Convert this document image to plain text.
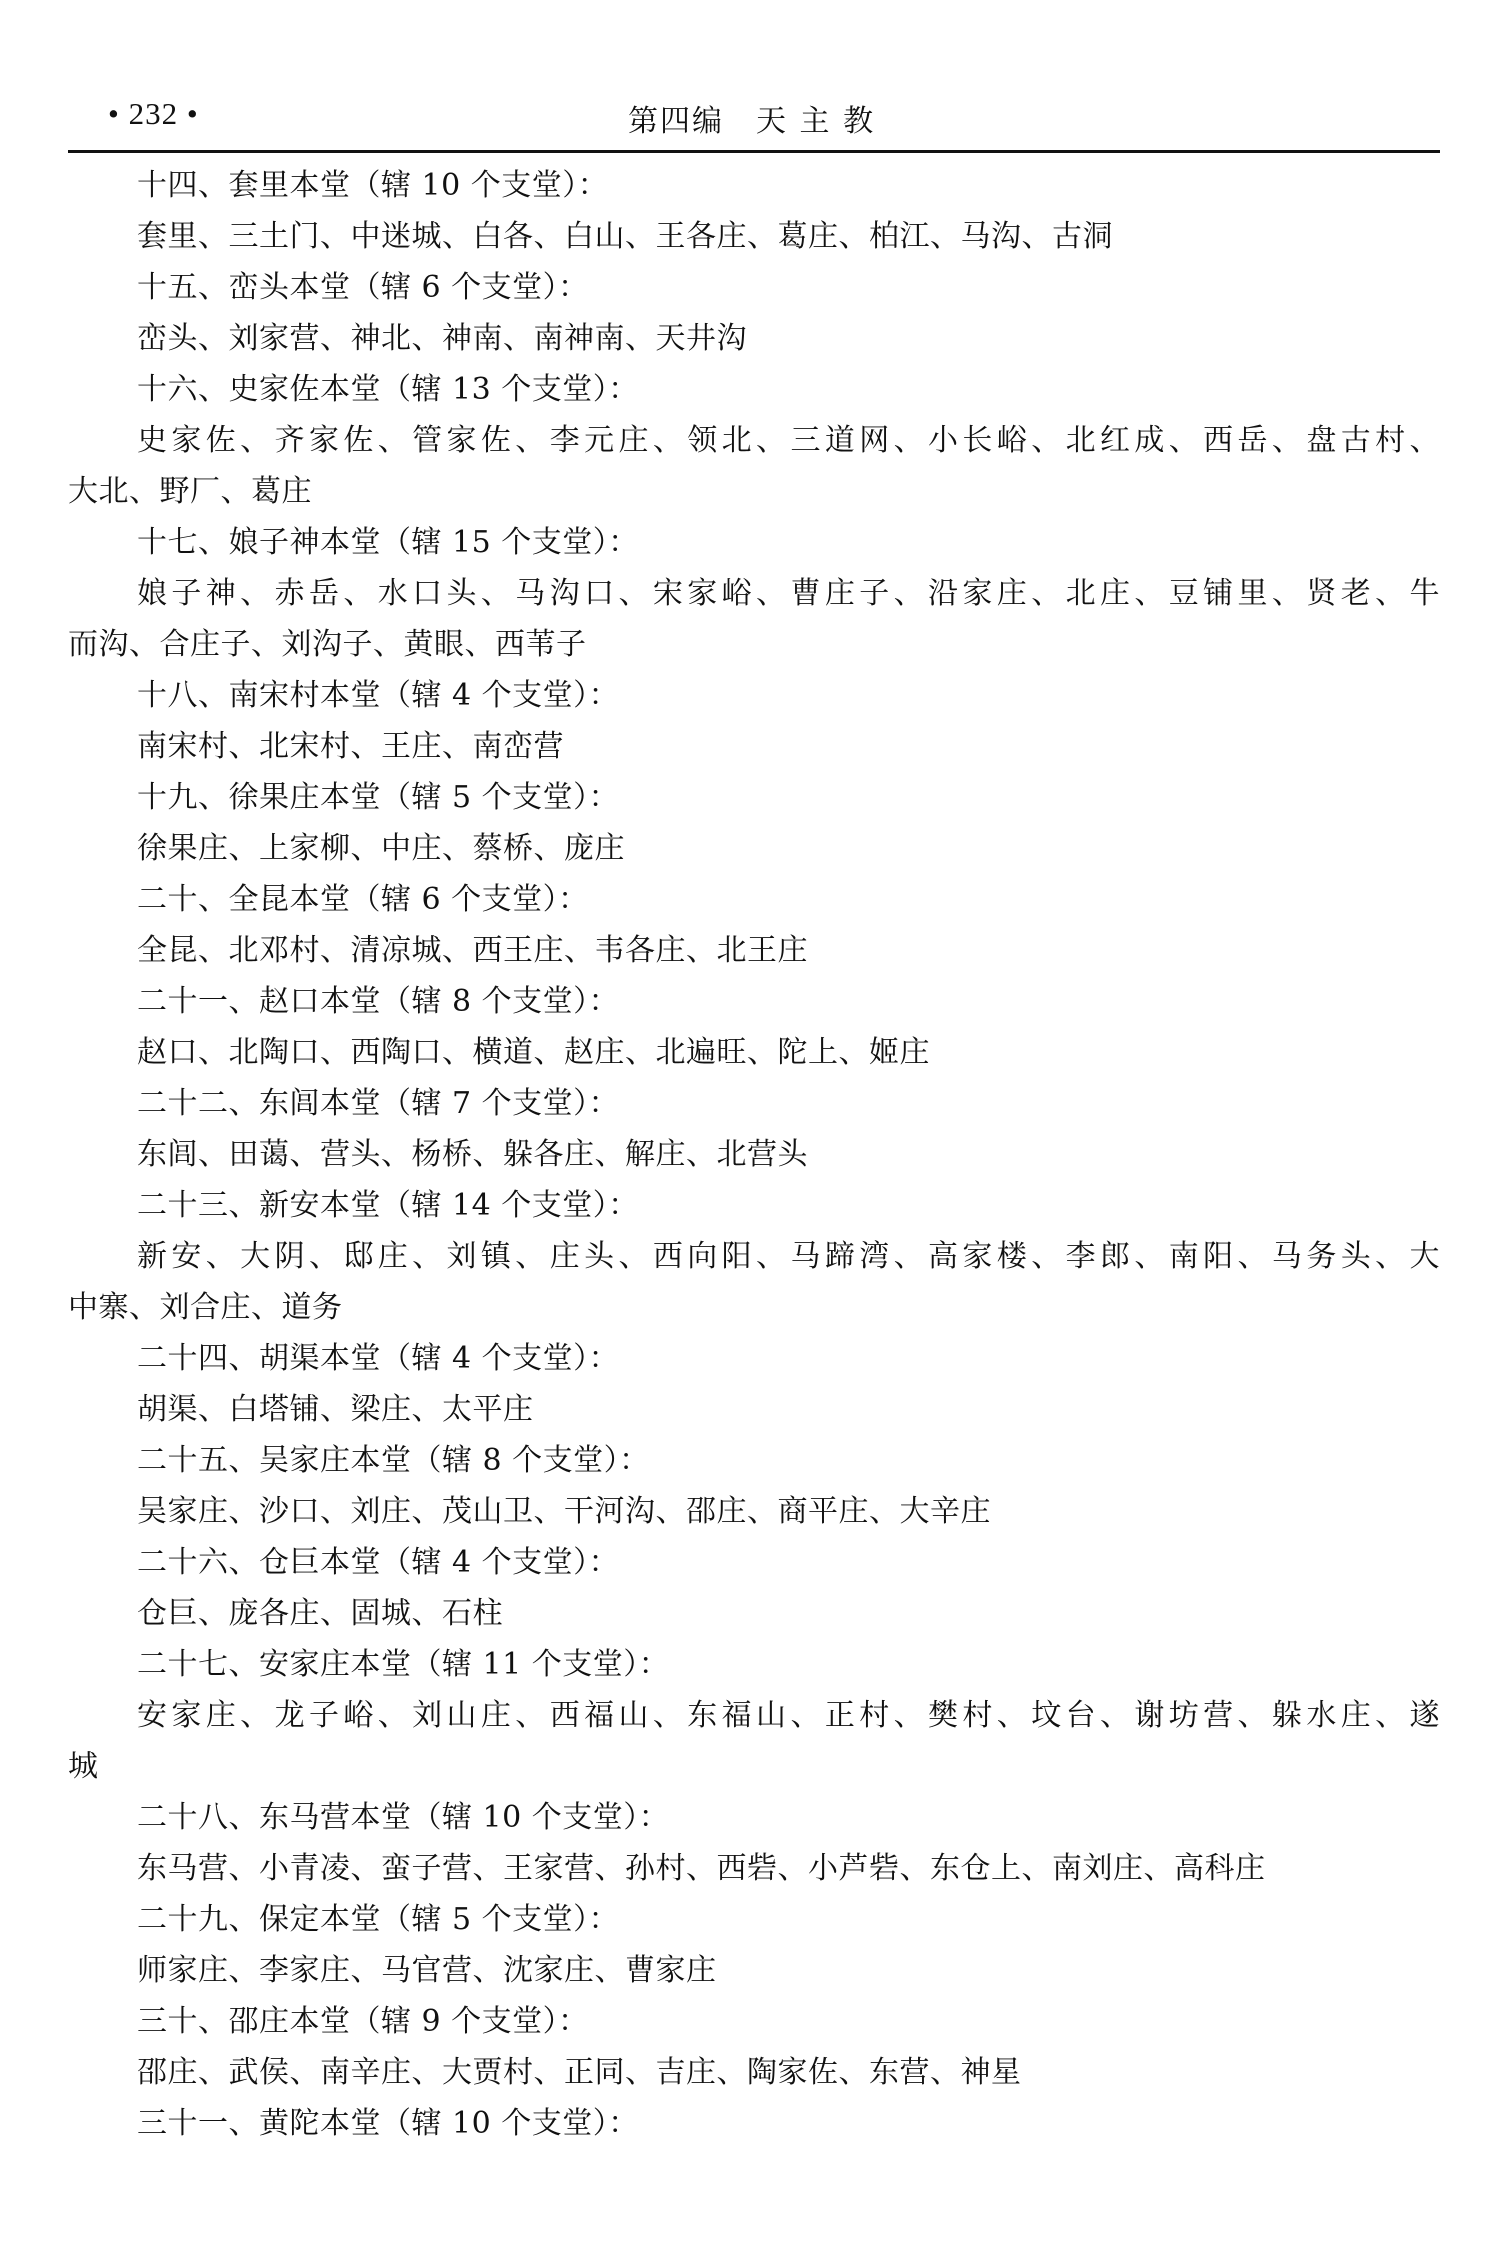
• 232 •	第四编　天 主 教
十四、套里本堂（辖 10 个支堂）：
套里、三土门、中迷城、白各、白山、王各庄、葛庄、柏江、马沟、古洞
十五、峦头本堂（辖 6 个支堂）：
峦头、刘家营、神北、神南、南神南、天井沟
十六、史家佐本堂（辖 13 个支堂）：
史家佐、齐家佐、管家佐、李元庄、领北、三道网、小长峪、北红成、西岳、盘古村、
大北、野厂、葛庄
十七、娘子神本堂（辖 15 个支堂）：
娘子神、赤岳、水口头、马沟口、宋家峪、曹庄子、沿家庄、北庄、豆铺里、贤老、牛
而沟、合庄子、刘沟子、黄眼、西苇子
十八、南宋村本堂（辖 4 个支堂）：
南宋村、北宋村、王庄、南峦营
十九、徐果庄本堂（辖 5 个支堂）：
徐果庄、上家柳、中庄、蔡桥、庞庄
二十、全昆本堂（辖 6 个支堂）：
全昆、北邓村、清凉城、西王庄、韦各庄、北王庄
二十一、赵口本堂（辖 8 个支堂）：
赵口、北陶口、西陶口、横道、赵庄、北遍旺、陀上、姬庄
二十二、东闾本堂（辖 7 个支堂）：
东闾、田蔼、营头、杨桥、躲各庄、解庄、北营头
二十三、新安本堂（辖 14 个支堂）：
新安、大阴、邸庄、刘镇、庄头、西向阳、马蹄湾、高家楼、李郎、南阳、马务头、大
中寨、刘合庄、道务
二十四、胡渠本堂（辖 4 个支堂）：
胡渠、白塔铺、梁庄、太平庄
二十五、吴家庄本堂（辖 8 个支堂）：
吴家庄、沙口、刘庄、茂山卫、干河沟、邵庄、商平庄、大辛庄
二十六、仓巨本堂（辖 4 个支堂）：
仓巨、庞各庄、固城、石柱
二十七、安家庄本堂（辖 11 个支堂）：
安家庄、龙子峪、刘山庄、西福山、东福山、正村、樊村、坟台、谢坊营、躲水庄、遂
城
二十八、东马营本堂（辖 10 个支堂）：
东马营、小青凌、蛮子营、王家营、孙村、西砦、小芦砦、东仓上、南刘庄、高科庄
二十九、保定本堂（辖 5 个支堂）：
师家庄、李家庄、马官营、沈家庄、曹家庄
三十、邵庄本堂（辖 9 个支堂）：
邵庄、武侯、南辛庄、大贾村、正同、吉庄、陶家佐、东营、神星
三十一、黄陀本堂（辖 10 个支堂）：
